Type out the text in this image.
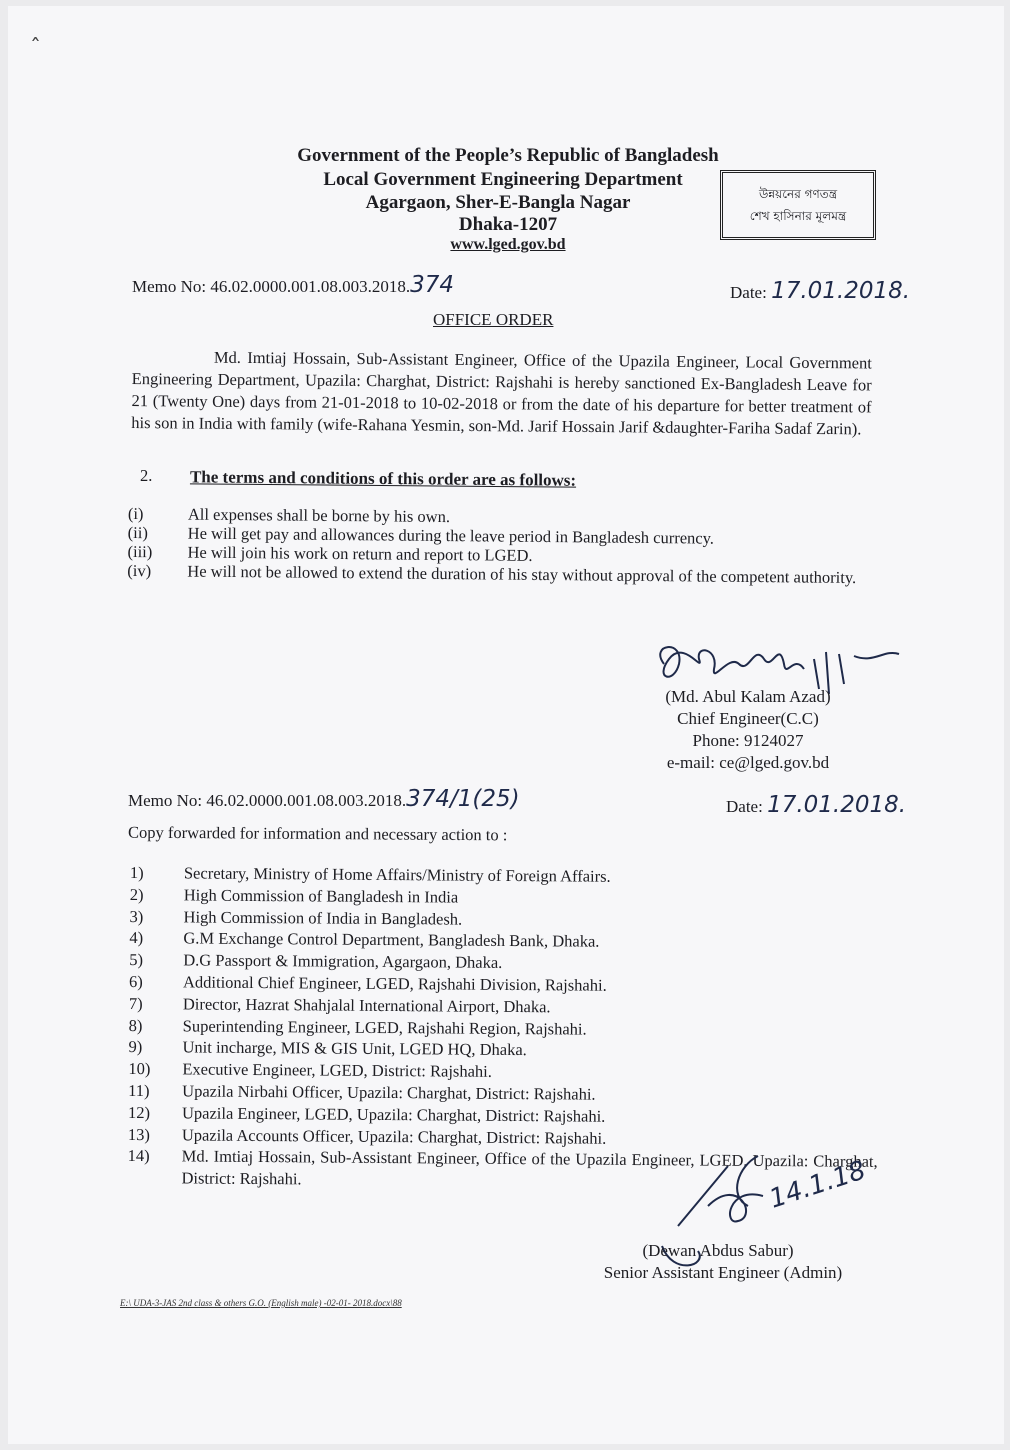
ˆ
Government of the People’s Republic of Bangladesh
Local Government Engineering Department
Agargaon, Sher-E-Bangla Nagar
Dhaka-1207
www.lged.gov.bd
উন্নয়নের গণতন্ত্র
শেখ হাসিনার মূলমন্ত্র
Memo No: 46.02.0000.001.08.003.2018.374	Date: 17.01.2018.
OFFICE ORDER
Md. Imtiaj Hossain, Sub-Assistant Engineer, Office of the Upazila Engineer, Local Government Engineering Department, Upazila: Charghat, District: Rajshahi is hereby sanctioned Ex-Bangladesh Leave for 21 (Twenty One) days from 21-01-2018 to 10-02-2018 or from the date of his departure for better treatment of his son in India with family (wife-Rahana Yesmin, son-Md. Jarif Hossain Jarif &daughter-Fariha Sadaf Zarin).
2. The terms and conditions of this order are as follows:
(i)	All expenses shall be borne by his own.
(ii)	He will get pay and allowances during the leave period in Bangladesh currency.
(iii)	He will join his work on return and report to LGED.
(iv)	He will not be allowed to extend the duration of his stay without approval of the competent authority.
(Md. Abul Kalam Azad)
Chief Engineer(C.C)
Phone: 9124027
e-mail: ce@lged.gov.bd
Memo No: 46.02.0000.001.08.003.2018.374/1(25)	Date: 17.01.2018.
Copy forwarded for information and necessary action to :
1)	Secretary, Ministry of Home Affairs/Ministry of Foreign Affairs.
2)	High Commission of Bangladesh in India
3)	High Commission of India in Bangladesh.
4)	G.M Exchange Control Department, Bangladesh Bank, Dhaka.
5)	D.G Passport & Immigration, Agargaon, Dhaka.
6)	Additional Chief Engineer, LGED, Rajshahi Division, Rajshahi.
7)	Director, Hazrat Shahjalal International Airport, Dhaka.
8)	Superintending Engineer, LGED, Rajshahi Region, Rajshahi.
9)	Unit incharge, MIS & GIS Unit, LGED HQ, Dhaka.
10)	Executive Engineer, LGED, District: Rajshahi.
11)	Upazila Nirbahi Officer, Upazila: Charghat, District: Rajshahi.
12)	Upazila Engineer, LGED, Upazila: Charghat, District: Rajshahi.
13)	Upazila Accounts Officer, Upazila: Charghat, District: Rajshahi.
14)	Md. Imtiaj Hossain, Sub-Assistant Engineer, Office of the Upazila Engineer, LGED, Upazila: Charghat, District: Rajshahi.	14.1.18
(Dewan Abdus Sabur)
Senior Assistant Engineer (Admin)
E:\ UDA-3-JAS 2nd class & others G.O. (English male) -02-01- 2018.docx\88
